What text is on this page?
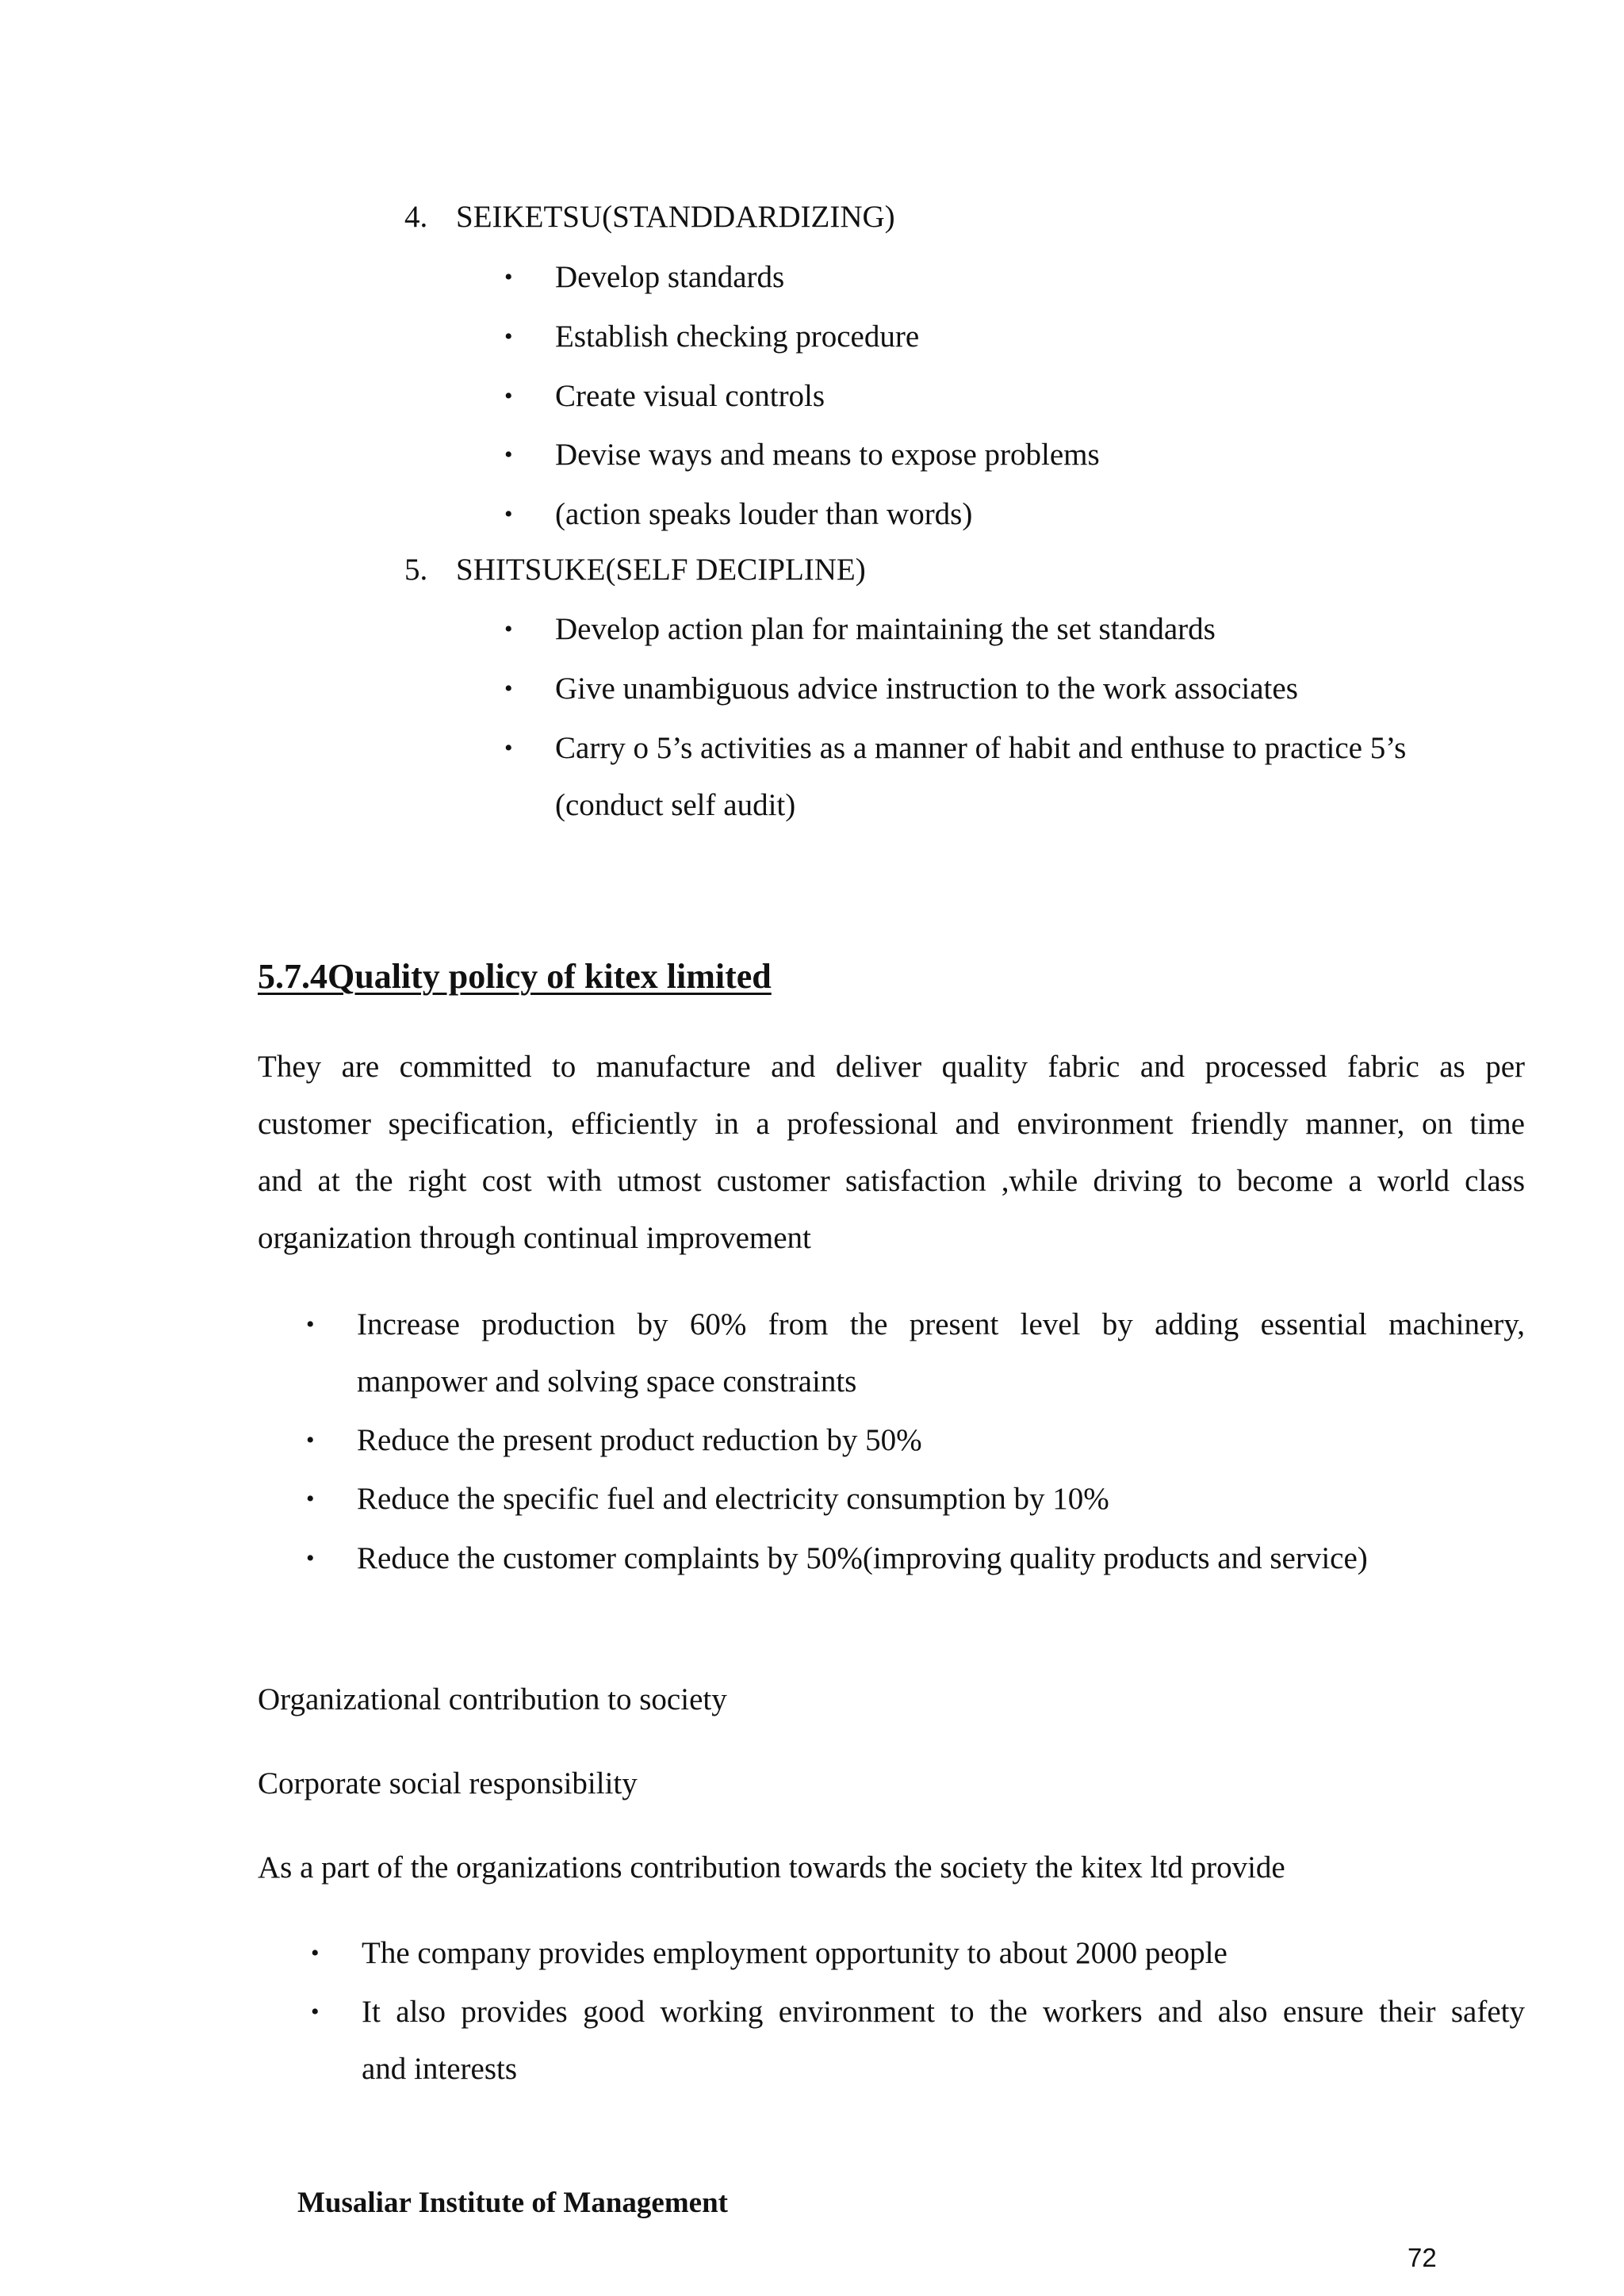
4. SEIKETSU(STANDDARDIZING)
• Develop standards
• Establish checking procedure
• Create visual controls
• Devise ways and means to expose problems
• (action speaks louder than words)
5. SHITSUKE(SELF DECIPLINE)
• Develop action plan for maintaining the set standards
• Give unambiguous advice instruction to the work associates
• Carry o 5’s activities as a manner of habit and enthuse to practice 5’s
(conduct self audit)
5.7.4Quality policy of kitex limited
They are committed to manufacture and deliver quality fabric and processed fabric as per
customer specification, efficiently in a professional and environment friendly manner, on time
and at the right cost with utmost customer satisfaction ,while driving to become a world class
organization through continual improvement
• Increase production by 60% from the present level by adding essential machinery,
manpower and solving space constraints
• Reduce the present product reduction by 50%
• Reduce the specific fuel and electricity consumption by 10%
• Reduce the customer complaints by 50%(improving quality products and service)
Organizational contribution to society
Corporate social responsibility
As a part of the organizations contribution towards the society the kitex ltd provide
• The company provides employment opportunity to about 2000 people
• It also provides good working environment to the workers and also ensure their safety
and interests
Musaliar Institute of Management
72
